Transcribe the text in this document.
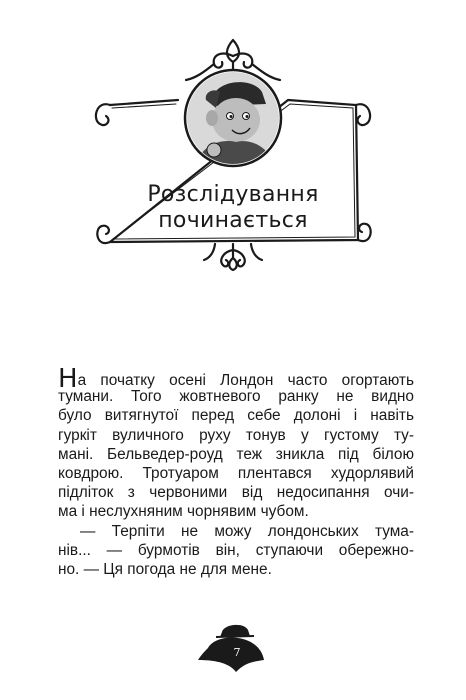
Розслідування
починається
На початку осені Лондон часто огортають
тумани. Того жовтневого ранку не видно
було витягнутої перед себе долоні і навіть
гуркіт вуличного руху тонув у густому ту-
мані. Бельведер-роуд теж зникла під білою
ковдрою. Тротуаром плентався худорлявий
підліток з червоними від недосипання очи-
ма і неслухняним чорнявим чубом.
— Терпіти не можу лондонських тума-
нів... — бурмотів він, ступаючи обережно-
но. — Ця погода не для мене.
7
